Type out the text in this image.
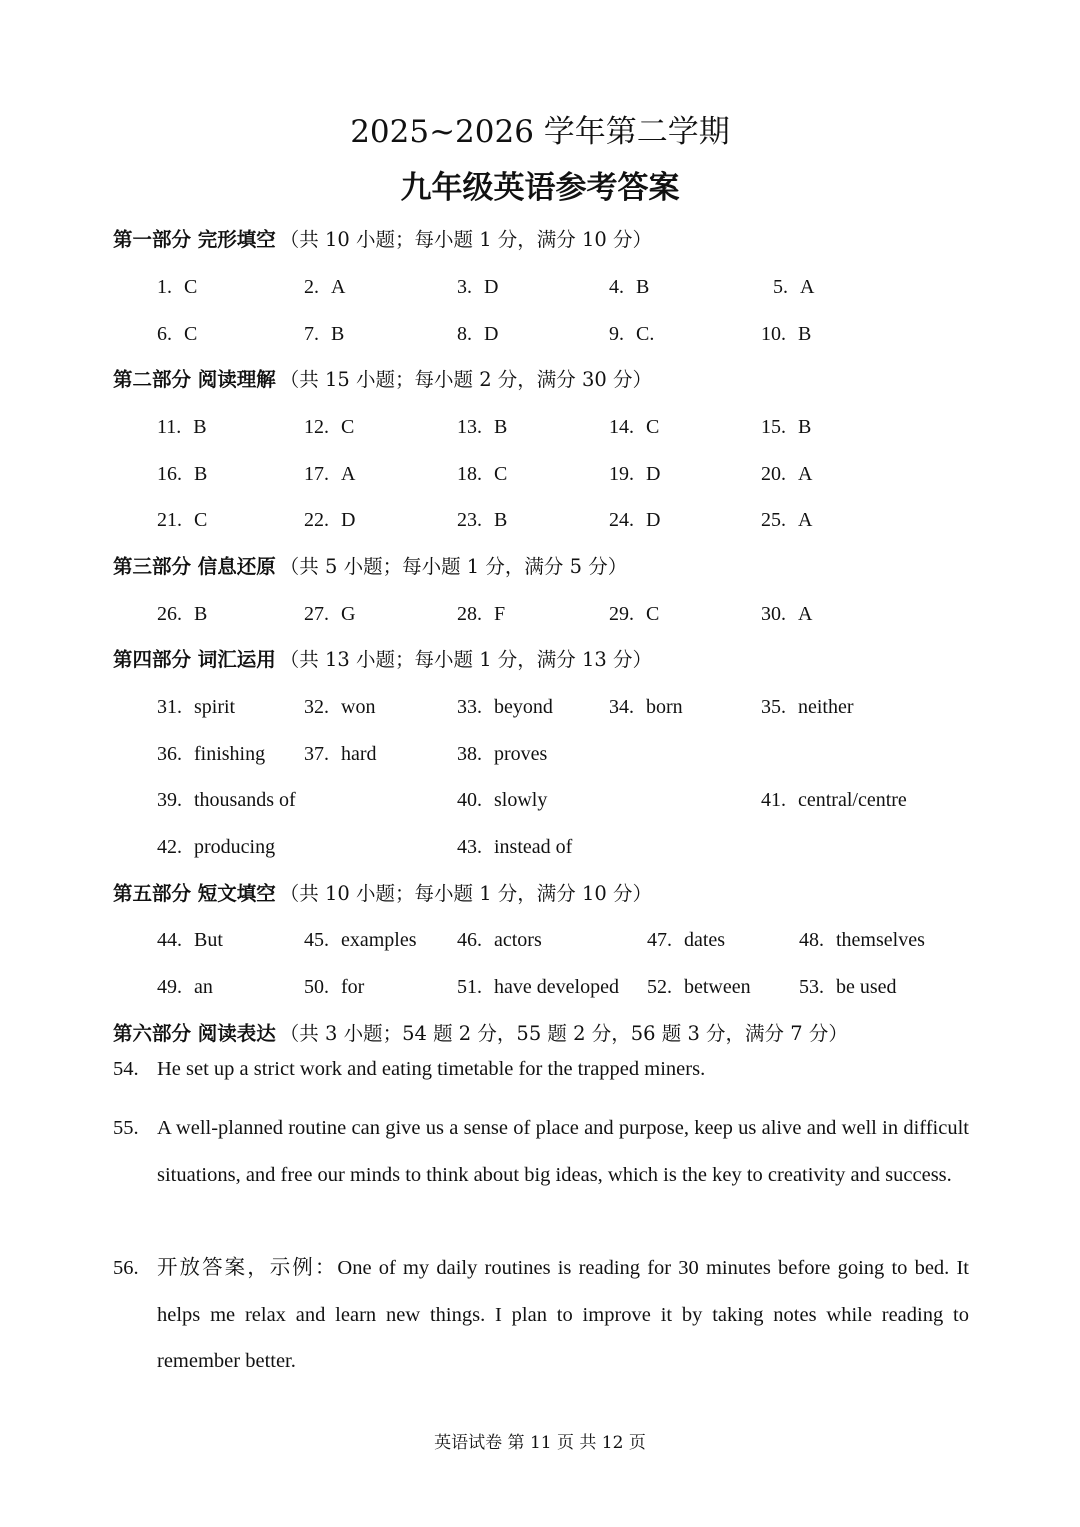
2025~2026 学年第二学期
九年级英语参考答案
第一部分 完形填空 （共 10 小题；每小题 1 分，满分 10 分）
第二部分 阅读理解 （共 15 小题；每小题 2 分，满分 30 分）
第三部分 信息还原 （共 5 小题；每小题 1 分，满分 5 分）
第四部分 词汇运用 （共 13 小题；每小题 1 分，满分 13 分）
第五部分 短文填空 （共 10 小题；每小题 1 分，满分 10 分）
第六部分 阅读表达 （共 3 小题；54 题 2 分，55 题 2 分，56 题 3 分，满分 7 分）
1. C	2. A	3. D	4. B	5. A
6. C	7. B	8. D	9. C.	10. B
11. B	12. C	13. B	14. C	15. B
16. B	17. A	18. C	19. D	20. A
21. C	22. D	23. B	24. D	25. A
26. B	27. G	28. F	29. C	30. A
31. spirit	32. won	33. beyond	34. born	35. neither
36. finishing 37. hard	38. proves
39. thousands of	40. slowly	41. central/centre
42. producing	43. instead of
44. But	45. examples 46. actors	47. dates	48. themselves
49. an	50. for	51. have developed 52. between 53. be used
54. He set up a strict work and eating timetable for the trapped miners.
55. A well-planned routine can give us a sense of place and purpose, keep us alive and well in difficult situations, and free our minds to think about big ideas, which is the key to creativity and success.
56. 开放答案，示例：One of my daily routines is reading for 30 minutes before going to bed. It helps me relax and learn new things. I plan to improve it by taking notes while reading to remember better.
英语试卷 第 11 页 共 12 页
